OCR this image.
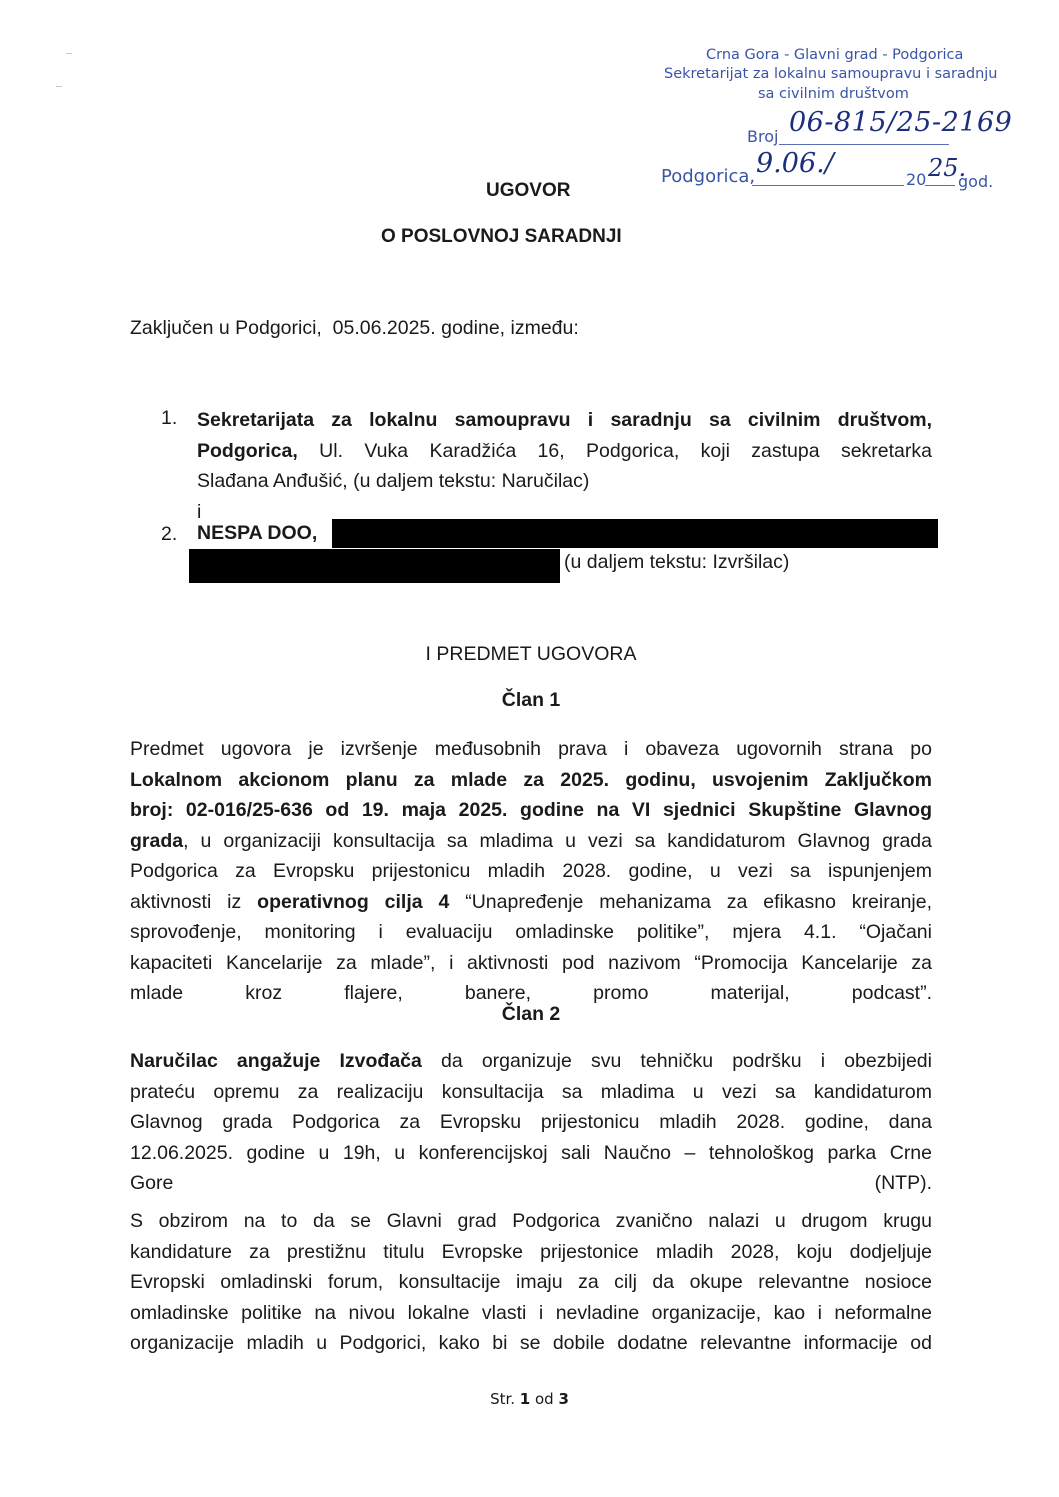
Crna Gora - Glavni grad - Podgorica
Sekretarijat za lokalnu samoupravu i saradnju
sa civilnim društvom
Broj 06-815/25-2169
Podgorica, 9.06./
20 25.
god.
UGOVOR
O POSLOVNOJ SARADNJI
Zaključen u Podgorici,  05.06.2025. godine, između:
1. Sekretarijata za lokalnu samoupravu i saradnju sa civilnim društvom,
Podgorica, Ul. Vuka Karadžića 16, Podgorica, koji zastupa sekretarka
Slađana Anđušić, (u daljem tekstu: Naručilac)
i
2. NESPA DOO,
(u daljem tekstu: Izvršilac)
I PREDMET UGOVORA
Član 1
Predmet ugovora je izvršenje međusobnih prava i obaveza ugovornih strana po
Lokalnom akcionom planu za mlade za 2025. godinu, usvojenim Zaključkom
broj: 02-016/25-636 od 19. maja 2025. godine na VI sjednici Skupštine Glavnog
grada, u organizaciji konsultacija sa mladima u vezi sa kandidaturom Glavnog grada
Podgorica za Evropsku prijestonicu mladih 2028. godine, u vezi sa ispunjenjem
aktivnosti iz operativnog cilja 4 “Unapređenje mehanizama za efikasno kreiranje,
sprovođenje, monitoring i evaluaciju omladinske politike”, mjera 4.1. “Ojačani
kapaciteti Kancelarije za mlade”, i aktivnosti pod nazivom “Promocija Kancelarije za
mlade kroz flajere, banere, promo materijal, podcast”.
Član 2
Naručilac angažuje Izvođača da organizuje svu tehničku podršku i obezbijedi
prateću opremu za realizaciju konsultacija sa mladima u vezi sa kandidaturom
Glavnog grada Podgorica za Evropsku prijestonicu mladih 2028. godine, dana
12.06.2025. godine u 19h, u konferencijskoj sali Naučno – tehnološkog parka Crne
Gore (NTP).
S obzirom na to da se Glavni grad Podgorica zvanično nalazi u drugom krugu
kandidature za prestižnu titulu Evropske prijestonice mladih 2028, koju dodjeljuje
Evropski omladinski forum, konsultacije imaju za cilj da okupe relevantne nosioce
omladinske politike na nivou lokalne vlasti i nevladine organizacije, kao i neformalne
organizacije mladih u Podgorici, kako bi se dobile dodatne relevantne informacije od
Str. 1 od 3
